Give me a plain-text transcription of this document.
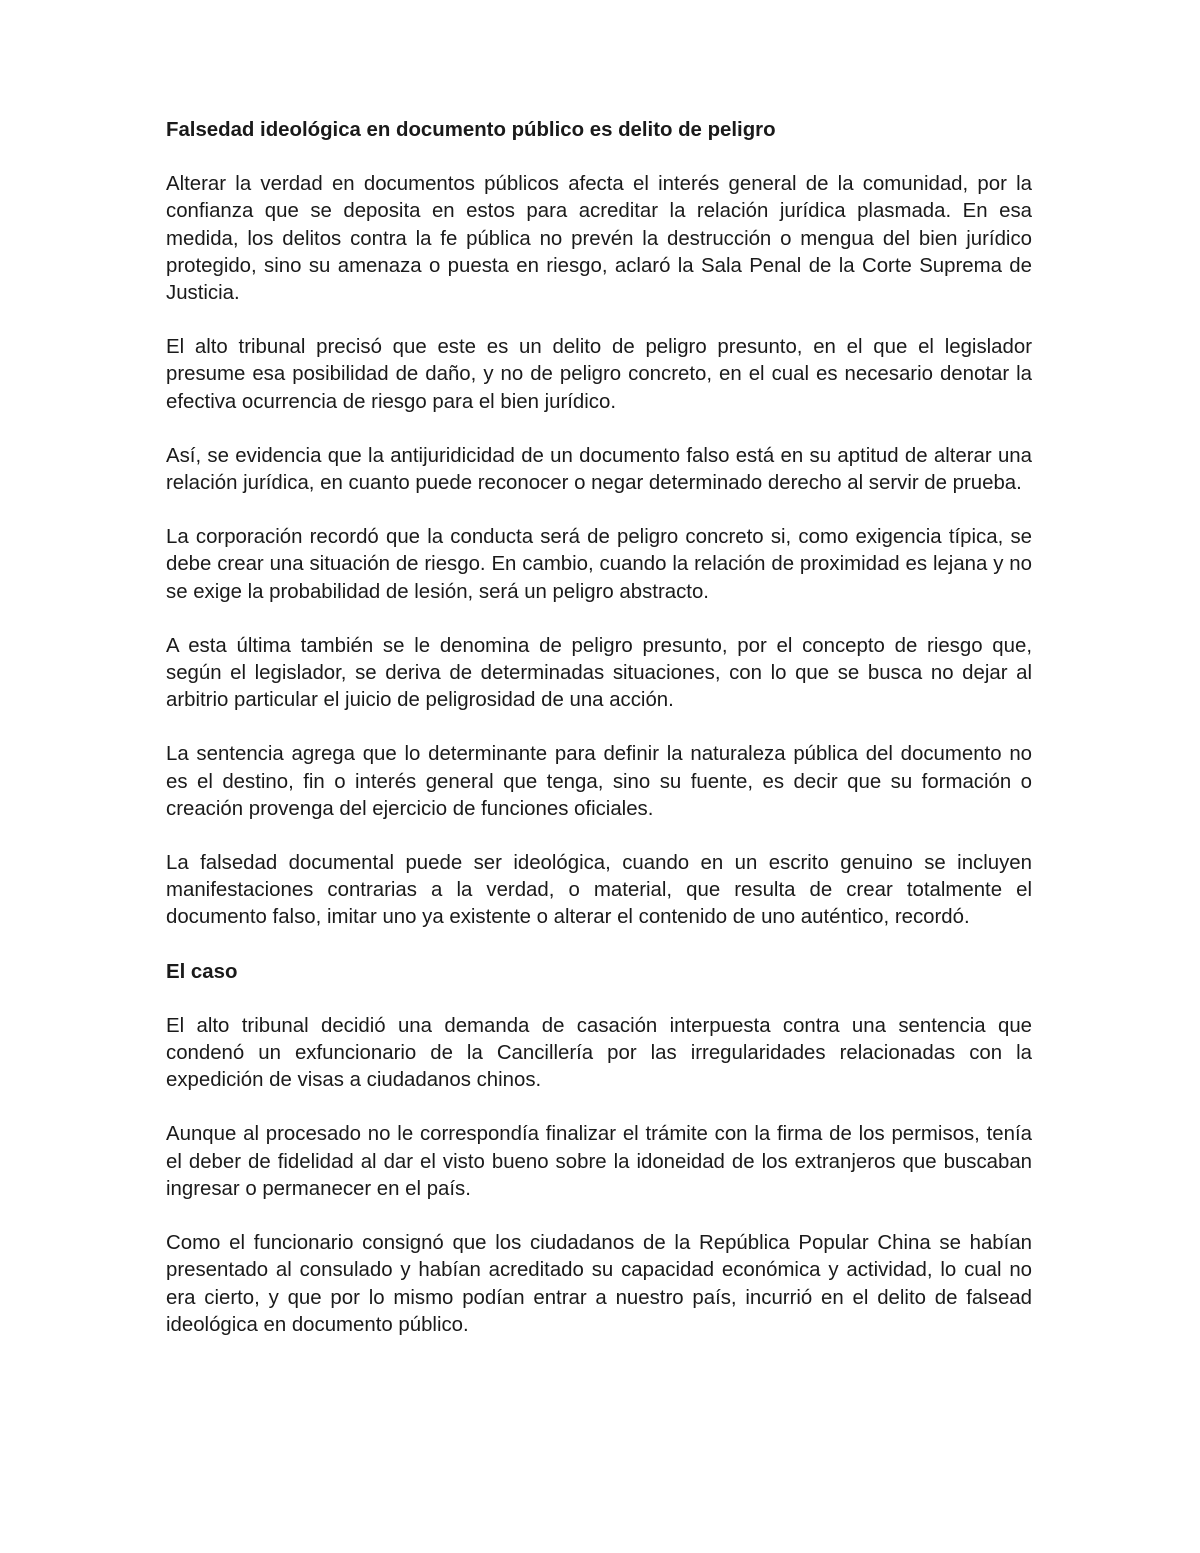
Falsedad ideológica en documento público es delito de peligro

Alterar la verdad en documentos públicos afecta el interés general de la comunidad, por la confianza que se deposita en estos para acreditar la relación jurídica plasmada. En esa medida, los delitos contra la fe pública no prevén la destrucción o mengua del bien jurídico protegido, sino su amenaza o puesta en riesgo, aclaró la Sala Penal de la Corte Suprema de Justicia.

El alto tribunal precisó que este es un delito de peligro presunto, en el que el legislador presume esa posibilidad de daño, y no de peligro concreto, en el cual es necesario denotar la efectiva ocurrencia de riesgo para el bien jurídico.

Así, se evidencia que la antijuridicidad de un documento falso está en su aptitud de alterar una relación jurídica, en cuanto puede reconocer o negar determinado derecho al servir de prueba.

La corporación recordó que la conducta será de peligro concreto si, como exigencia típica, se debe crear una situación de riesgo. En cambio, cuando la relación de proximidad es lejana y no se exige la probabilidad de lesión, será un peligro abstracto.

A esta última también se le denomina de peligro presunto, por el concepto de riesgo que, según el legislador, se deriva de determinadas situaciones, con lo que se busca no dejar al arbitrio particular el juicio de peligrosidad de una acción.

La sentencia agrega que lo determinante para definir la naturaleza pública del documento no es el destino, fin o interés general que tenga, sino su fuente, es decir que su formación o creación provenga del ejercicio de funciones oficiales.

La falsedad documental puede ser ideológica, cuando en un escrito genuino se incluyen manifestaciones contrarias a la verdad, o material, que resulta de crear totalmente el documento falso, imitar uno ya existente o alterar el contenido de uno auténtico, recordó.

El caso

El alto tribunal decidió una demanda de casación interpuesta contra una sentencia que condenó un exfuncionario de la Cancillería por las irregularidades relacionadas con la expedición de visas a ciudadanos chinos.

Aunque al procesado no le correspondía finalizar el trámite con la firma de los permisos, tenía el deber de fidelidad al dar el visto bueno sobre la idoneidad de los extranjeros que buscaban ingresar o permanecer en el país.

Como el funcionario consignó que los ciudadanos de la República Popular China se habían presentado al consulado y habían acreditado su capacidad económica y actividad, lo cual no era cierto, y que por lo mismo podían entrar a nuestro país, incurrió en el delito de falsead ideológica en documento público.
